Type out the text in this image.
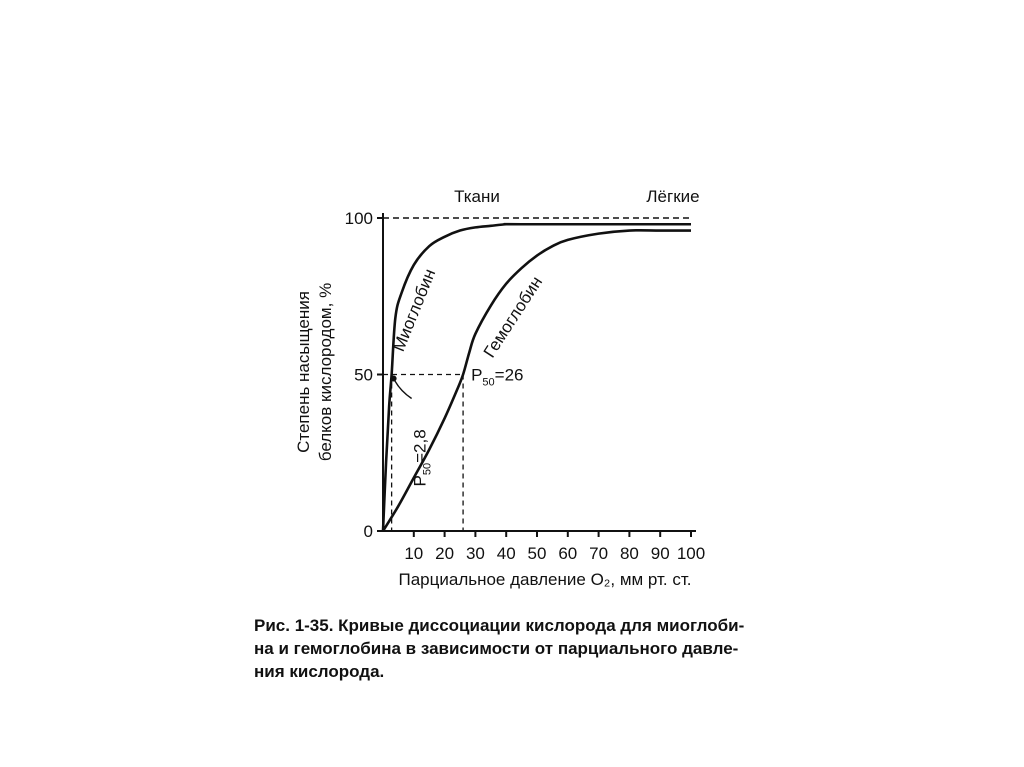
Ткани	Лёгкие
0
50
100
10 20 30 40 50 60 70 80 90 100
Миоглобин Гемоглобин
$P_{50}=26$
$P_{50}=2,8$
Парциальное давление O₂, мм рт. ст.
Степень насыщения белков кислородом, %
Рис. 1-35. Кривые диссоциации кислорода для миоглоби-
на и гемоглобина в зависимости от парциального давле-
ния кислорода.
